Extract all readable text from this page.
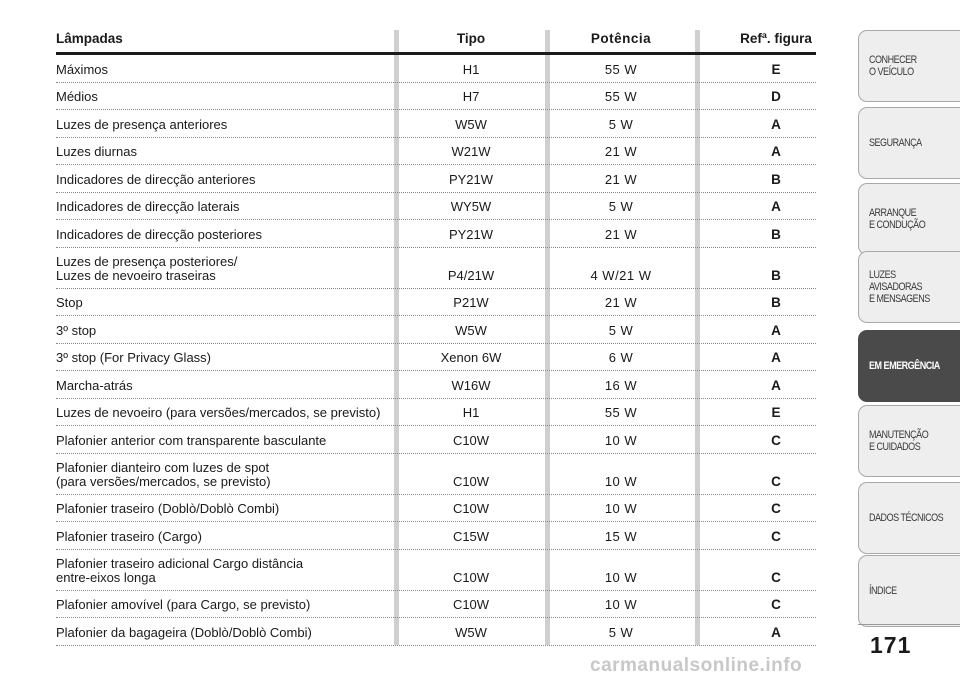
Lâmpadas	Tipo	Potência	Refª. figura
Máximos	H1	55 W	E
Médios	H7	55 W	D
Luzes de presença anteriores	W5W	5 W	A
Luzes diurnas	W21W	21 W	A
Indicadores de direcção anteriores	PY21W	21 W	B
Indicadores de direcção laterais	WY5W	5 W	A
Indicadores de direcção posteriores	PY21W	21 W	B
Luzes de presença posteriores/
Luzes de nevoeiro traseiras	P4/21W	4 W/21 W	B
Stop	P21W	21 W	B
3º stop	W5W	5 W	A
3º stop (For Privacy Glass)	Xenon 6W	6 W	A
Marcha-atrás	W16W	16 W	A
Luzes de nevoeiro (para versões/mercados, se previsto)	H1	55 W	E
Plafonier anterior com transparente basculante	C10W	10 W	C
Plafonier dianteiro com luzes de spot
(para versões/mercados, se previsto)	C10W	10 W	C
Plafonier traseiro (Doblò/Doblò Combi)	C10W	10 W	C
Plafonier traseiro (Cargo)	C15W	15 W	C
Plafonier traseiro adicional Cargo distância
entre-eixos longa	C10W	10 W	C
Plafonier amovível (para Cargo, se previsto)	C10W	10 W	C
Plafonier da bagageira (Doblò/Doblò Combi)	W5W	5 W	A
CONHECER
O VEÍCULO
SEGURANÇA
ARRANQUE
E CONDUÇÃO
LUZES AVISADORAS
E MENSAGENS
EM EMERGÊNCIA
MANUTENÇÃO
E CUIDADOS
DADOS TÉCNICOS
ÍNDICE
171
carmanualsonline.info
